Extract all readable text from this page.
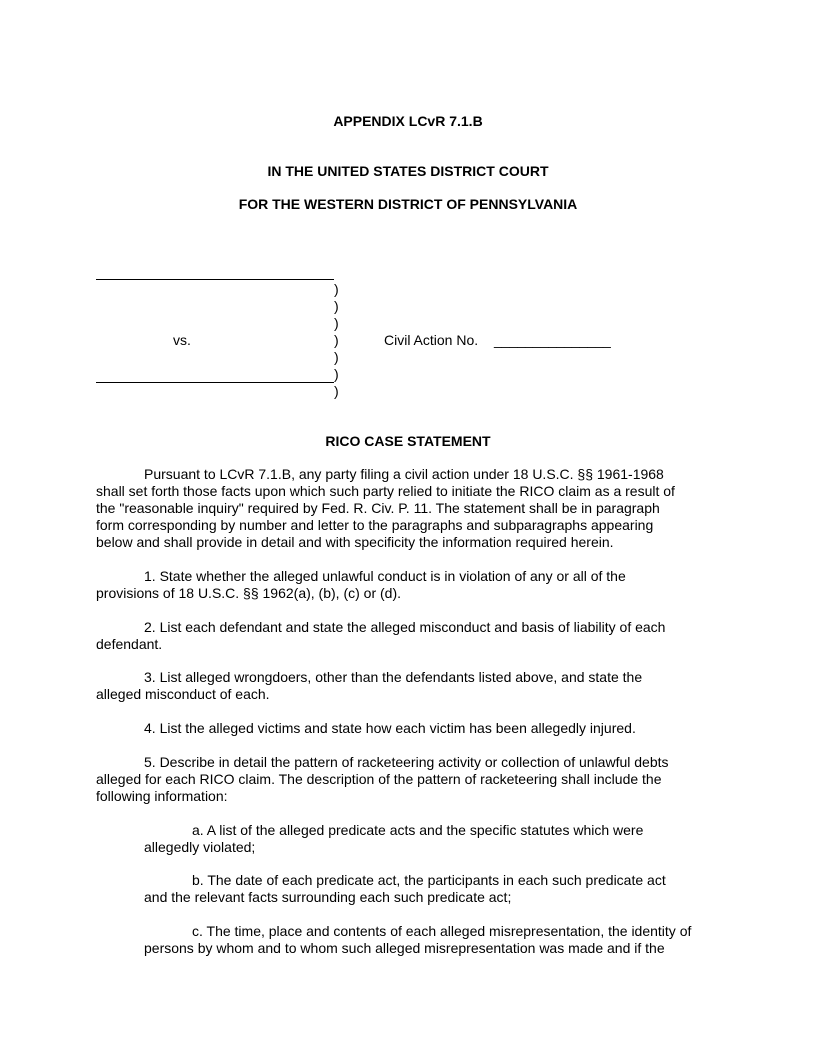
APPENDIX LCvR 7.1.B
IN THE UNITED STATES DISTRICT COURT
FOR THE WESTERN DISTRICT OF PENNSYLVANIA
)
)
)
)
)
)
)
vs.	Civil Action No. _______________
RICO CASE STATEMENT
Pursuant to LCvR 7.1.B, any party filing a civil action under 18 U.S.C. §§ 1961-1968
shall set forth those facts upon which such party relied to initiate the RICO claim as a result of
the "reasonable inquiry" required by Fed. R. Civ. P. 11. The statement shall be in paragraph
form corresponding by number and letter to the paragraphs and subparagraphs appearing
below and shall provide in detail and with specificity the information required herein.
1. State whether the alleged unlawful conduct is in violation of any or all of the
provisions of 18 U.S.C. §§ 1962(a), (b), (c) or (d).
2. List each defendant and state the alleged misconduct and basis of liability of each
defendant.
3. List alleged wrongdoers, other than the defendants listed above, and state the
alleged misconduct of each.
4. List the alleged victims and state how each victim has been allegedly injured.
5. Describe in detail the pattern of racketeering activity or collection of unlawful debts
alleged for each RICO claim. The description of the pattern of racketeering shall include the
following information:
a. A list of the alleged predicate acts and the specific statutes which were
allegedly violated;
b. The date of each predicate act, the participants in each such predicate act
and the relevant facts surrounding each such predicate act;
c. The time, place and contents of each alleged misrepresentation, the identity of
persons by whom and to whom such alleged misrepresentation was made and if the
